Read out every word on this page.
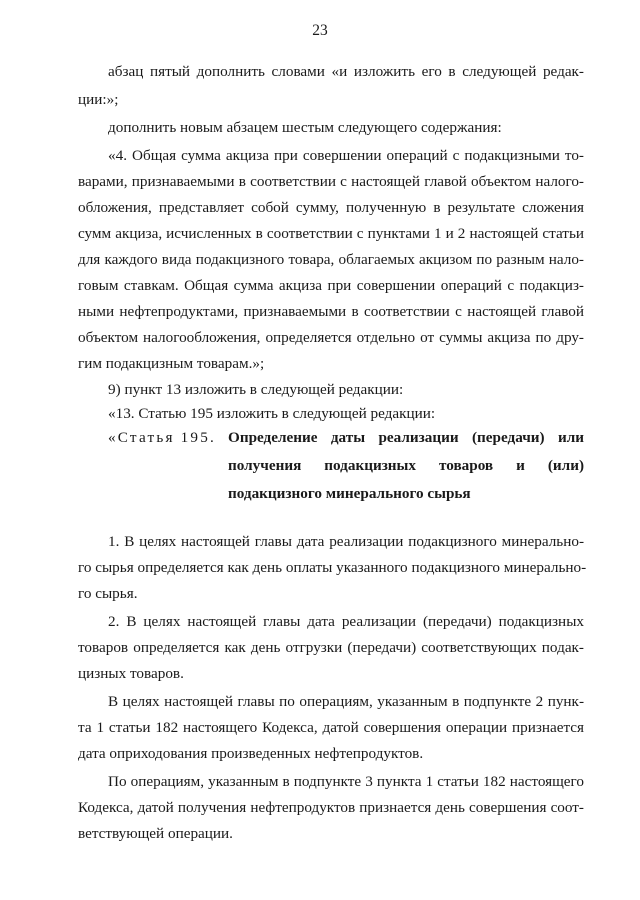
23
абзац пятый дополнить словами «и изложить его в следующей редак-
ции:»;
дополнить новым абзацем шестым следующего содержания:
«4. Общая сумма акциза при совершении операций с подакцизными то-
варами, признаваемыми в соответствии с настоящей главой объектом налого-
обложения, представляет собой сумму, полученную в результате сложения
сумм акциза, исчисленных в соответствии с пунктами 1 и 2 настоящей статьи
для каждого вида подакцизного товара, облагаемых акцизом по разным нало-
говым ставкам. Общая сумма акциза при совершении операций с подакциз-
ными нефтепродуктами, признаваемыми в соответствии с настоящей главой
объектом налогообложения, определяется отдельно от суммы акциза по дру-
гим подакцизным товарам.»;
9) пункт 13 изложить в следующей редакции:
«13. Статью 195 изложить в следующей редакции:
«Статья 195. Определение даты реализации (передачи) или
получения подакцизных товаров и (или)
подакцизного минерального сырья
1. В целях настоящей главы дата реализации подакцизного минерально-
го сырья определяется как день оплаты указанного подакцизного минерально-
го сырья.
2. В целях настоящей главы дата реализации (передачи) подакцизных
товаров определяется как день отгрузки (передачи) соответствующих подак-
цизных товаров.
В целях настоящей главы по операциям, указанным в подпункте 2 пунк-
та 1 статьи 182 настоящего Кодекса, датой совершения операции признается
дата оприходования произведенных нефтепродуктов.
По операциям, указанным в подпункте 3 пункта 1 статьи 182 настоящего
Кодекса, датой получения нефтепродуктов признается день совершения соот-
ветствующей операции.
